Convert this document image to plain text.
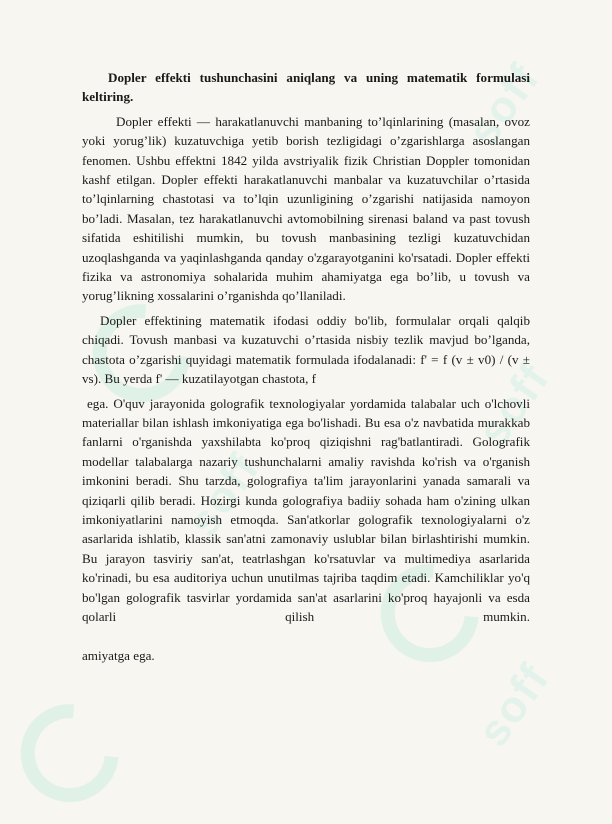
soff
soff
soff
soff

Dopler effekti tushunchasini aniqlang va uning matematik formulasi keltiring.

Dopler effekti — harakatlanuvchi manbaning to’lqinlarining (masalan, ovoz yoki yorug’lik) kuzatuvchiga yetib borish tezligidagi o’zgarishlarga asoslangan fenomen. Ushbu effektni 1842 yilda avstriyalik fizik Christian Doppler tomonidan kashf etilgan. Dopler effekti harakatlanuvchi manbalar va kuzatuvchilar o’rtasida to’lqinlarning chastotasi va to’lqin uzunligining o’zgarishi natijasida namoyon bo’ladi. Masalan, tez harakatlanuvchi avtomobilning sirenasi baland va past tovush sifatida eshitilishi mumkin, bu tovush manbasining tezligi kuzatuvchidan uzoqlashganda va yaqinlashganda qanday o'zgarayotganini ko'rsatadi. Dopler effekti fizika va astronomiya sohalarida muhim ahamiyatga ega bo’lib, u tovush va yorug’likning xossalarini o’rganishda qo’llaniladi.

Dopler effektining matematik ifodasi oddiy bo'lib, formulalar orqali qalqib chiqadi. Tovush manbasi va kuzatuvchi o’rtasida nisbiy tezlik mavjud bo’lganda, chastota o’zgarishi quyidagi matematik formulada ifodalanadi: f' = f (v ± v0) / (v ± vs). Bu yerda f' — kuzatilayotgan chastota, f

ega. O'quv jarayonida golografik texnologiyalar yordamida talabalar uch o'lchovli materiallar bilan ishlash imkoniyatiga ega bo'lishadi. Bu esa o'z navbatida murakkab fanlarni o'rganishda yaxshilabta ko'proq qiziqishni rag'batlantiradi. Golografik modellar talabalarga nazariy tushunchalarni amaliy ravishda ko'rish va o'rganish imkonini beradi. Shu tarzda, golografiya ta'lim jarayonlarini yanada samarali va qiziqarli qilib beradi. Hozirgi kunda golografiya badiiy sohada ham o'zining ulkan imkoniyatlarini namoyish etmoqda. San'atkorlar golografik texnologiyalarni o'z asarlarida ishlatib, klassik san'atni zamonaviy uslublar bilan birlashtirishi mumkin. Bu jarayon tasviriy san'at, teatrlashgan ko'rsatuvlar va multimediya asarlarida ko'rinadi, bu esa auditoriya uchun unutilmas tajriba taqdim etadi. Kamchiliklar yo'q bo'lgan golografik tasvirlar yordamida san'at asarlarini ko'proq hayajonli va esda qolarli qilish mumkin.

amiyatga ega.
